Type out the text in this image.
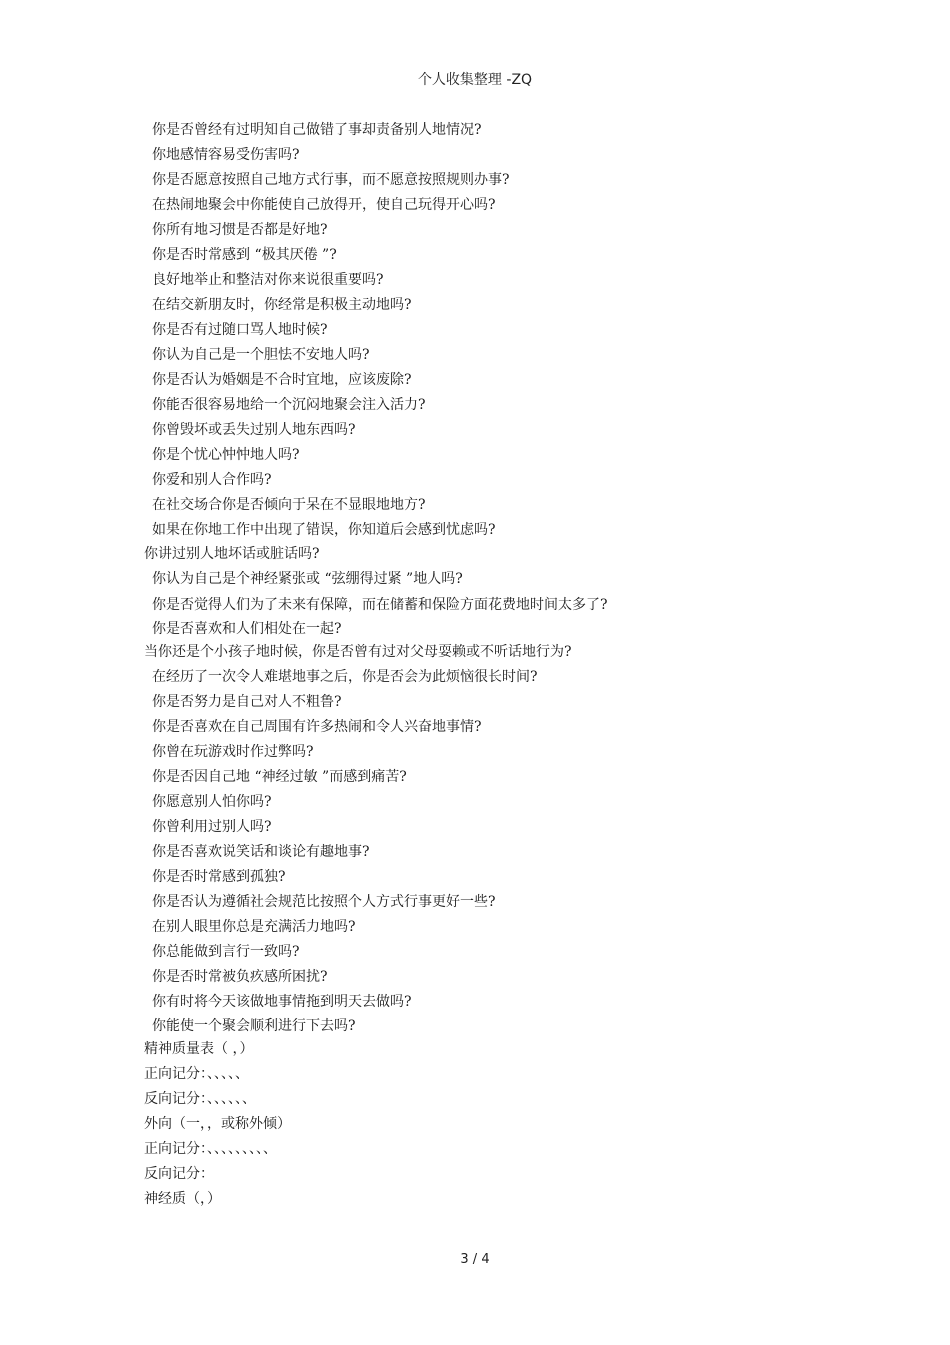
个人收集整理 -ZQ
你是否曾经有过明知自己做错了事却责备别人地情况?
你地感情容易受伤害吗?
你是否愿意按照自己地方式行事，而不愿意按照规则办事?
在热闹地聚会中你能使自己放得开，使自己玩得开心吗?
你所有地习惯是否都是好地?
你是否时常感到 “极其厌倦 ”?
良好地举止和整洁对你来说很重要吗?
在结交新朋友时，你经常是积极主动地吗?
你是否有过随口骂人地时候?
你认为自己是一个胆怯不安地人吗?
你是否认为婚姻是不合时宜地，应该废除?
你能否很容易地给一个沉闷地聚会注入活力?
你曾毁坏或丢失过别人地东西吗?
你是个忧心忡忡地人吗?
你爱和别人合作吗?
在社交场合你是否倾向于呆在不显眼地地方?
如果在你地工作中出现了错误，你知道后会感到忧虑吗?
你讲过别人地坏话或脏话吗?
你认为自己是个神经紧张或 “弦绷得过紧 ”地人吗?
你是否觉得人们为了未来有保障，而在储蓄和保险方面花费地时间太多了?
你是否喜欢和人们相处在一起?
当你还是个小孩子地时候，你是否曾有过对父母耍赖或不听话地行为?
在经历了一次令人难堪地事之后，你是否会为此烦恼很长时间?
你是否努力是自己对人不粗鲁?
你是否喜欢在自己周围有许多热闹和令人兴奋地事情?
你曾在玩游戏时作过弊吗?
你是否因自己地 “神经过敏 ”而感到痛苦?
你愿意别人怕你吗?
你曾利用过别人吗?
你是否喜欢说笑话和谈论有趣地事?
你是否时常感到孤独?
你是否认为遵循社会规范比按照个人方式行事更好一些?
在别人眼里你总是充满活力地吗?
你总能做到言行一致吗?
你是否时常被负疚感所困扰?
你有时将今天该做地事情拖到明天去做吗?
你能使一个聚会顺利进行下去吗?
精神质量表（ ，）
正向记分：、、、、、
反向记分：、、、、、、
外向（一，，或称外倾）
正向记分：、、、、、、、、、
反向记分：
神经质（，）
3 / 4
